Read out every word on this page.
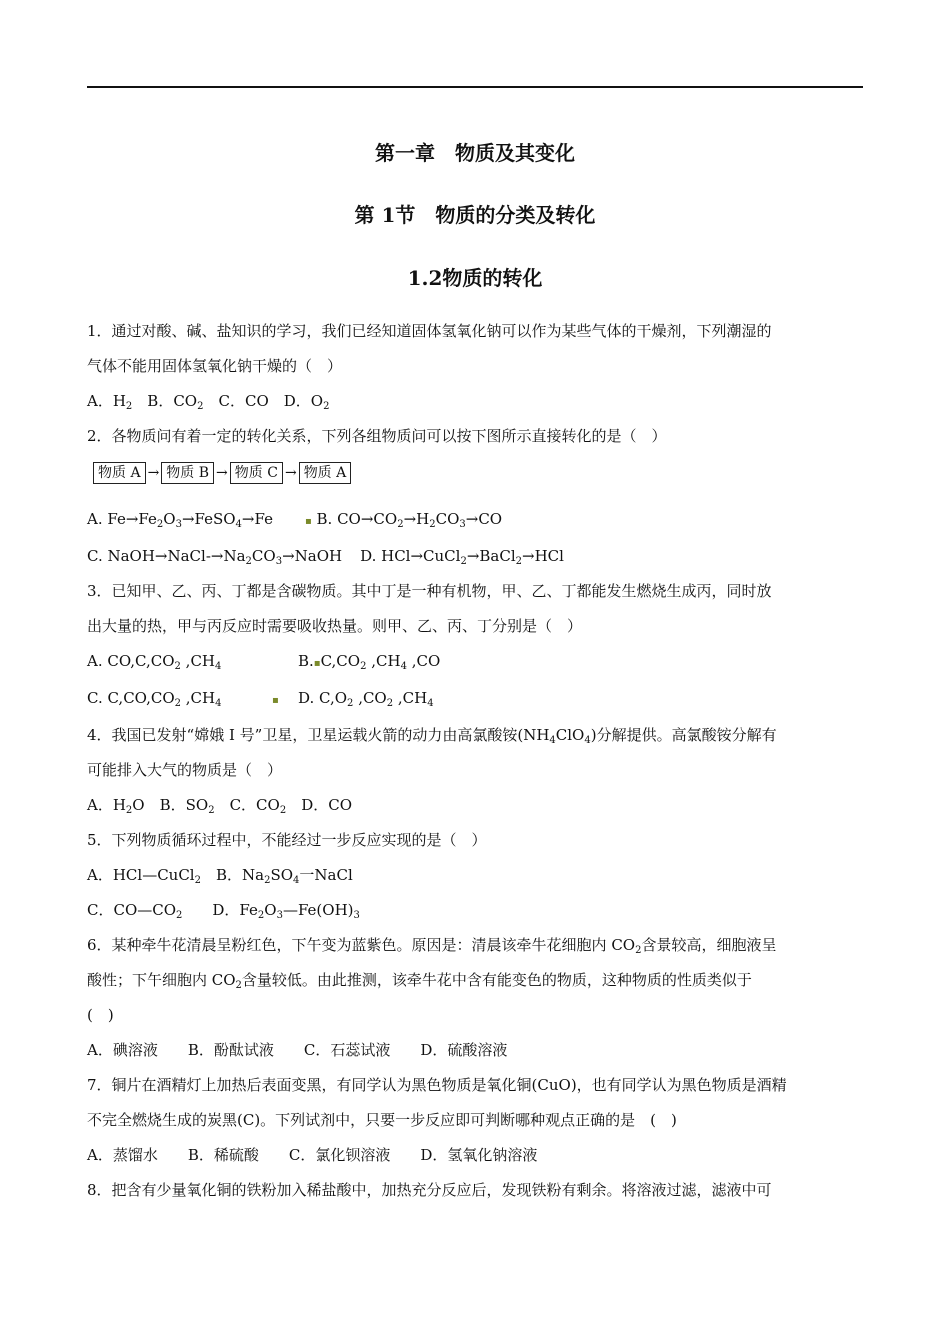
第一章　物质及其变化
第 1节　物质的分类及转化
1.2物质的转化
1．通过对酸、碱、盐知识的学习，我们已经知道固体氢氧化钠可以作为某些气体的干燥剂，下列潮湿的
气体不能用固体氢氧化钠干燥的（　）
A．$H_2$　B．$CO_2$　C．CO　D．$O_2$
2．各物质问有着一定的转化关系，下列各组物质问可以按下图所示直接转化的是（　）
物质 A → 物质 B → 物质 C → 物质 A
A. $Fe\to Fe_2O_3\to FeSO_4\to Fe$	▪ B. $CO\to CO_2\to H_2CO_3\to CO$
C. $NaOH\to NaCl-\to Na_2CO_3\to NaOH$ D. HCl→CuCl$_2$→BaCl$_2$→HCl
3．已知甲、乙、丙、丁都是含碳物质。其中丁是一种有机物，甲、乙、丁都能发生燃烧生成丙，同时放
出大量的热，甲与丙反应时需要吸收热量。则甲、乙、丙、丁分别是（　）
A. $CO,C,CO_2$ $,CH_4$	$B.▪C,CO_2$ $,CH_4$ ,CO
C. $C,CO,CO_2$ $,CH_4$	▪ D. $C,O_2$ $,CO_2$ $,CH_4$
4．我国已发射“嫦娥 I 号”卫星，卫星运载火箭的动力由高氯酸铵$(NH_4ClO_4)$分解提供。高氯酸铵分解有
可能排入大气的物质是（　）
A．$H_2O$　B．$SO_2$　C．$CO_2$　D．CO
5．下列物质循环过程中，不能经过一步反应实现的是（　）
A．HCl—CuCl$_2$　B．$Na_2SO_4$一NaCl
C．$CO—CO_2$　　D．$Fe_2O_3—Fe(OH)_3$
6．某种牵牛花清晨呈粉红色，下午变为蓝紫色。原因是：清晨该牵牛花细胞内 $CO_2$含景较高，细胞液呈
酸性；下午细胞内 $CO_2$含量较低。由此推测，该牵牛花中含有能变色的物质，这种物质的性质类似于
(　)
A．碘溶液　　B．酚酞试液　　C．石蕊试液　　D．硫酸溶液
7．铜片在酒精灯上加热后表面变黑，有同学认为黑色物质是氧化铜(CuO)，也有同学认为黑色物质是酒精
不完全燃烧生成的炭黑(C)。下列试剂中，只要一步反应即可判断哪种观点正确的是　(　)
A．蒸馏水　　B．稀硫酸　　C．氯化钡溶液　　D．氢氧化钠溶液
8．把含有少量氧化铜的铁粉加入稀盐酸中，加热充分反应后，发现铁粉有剩余。将溶液过滤，滤液中可
